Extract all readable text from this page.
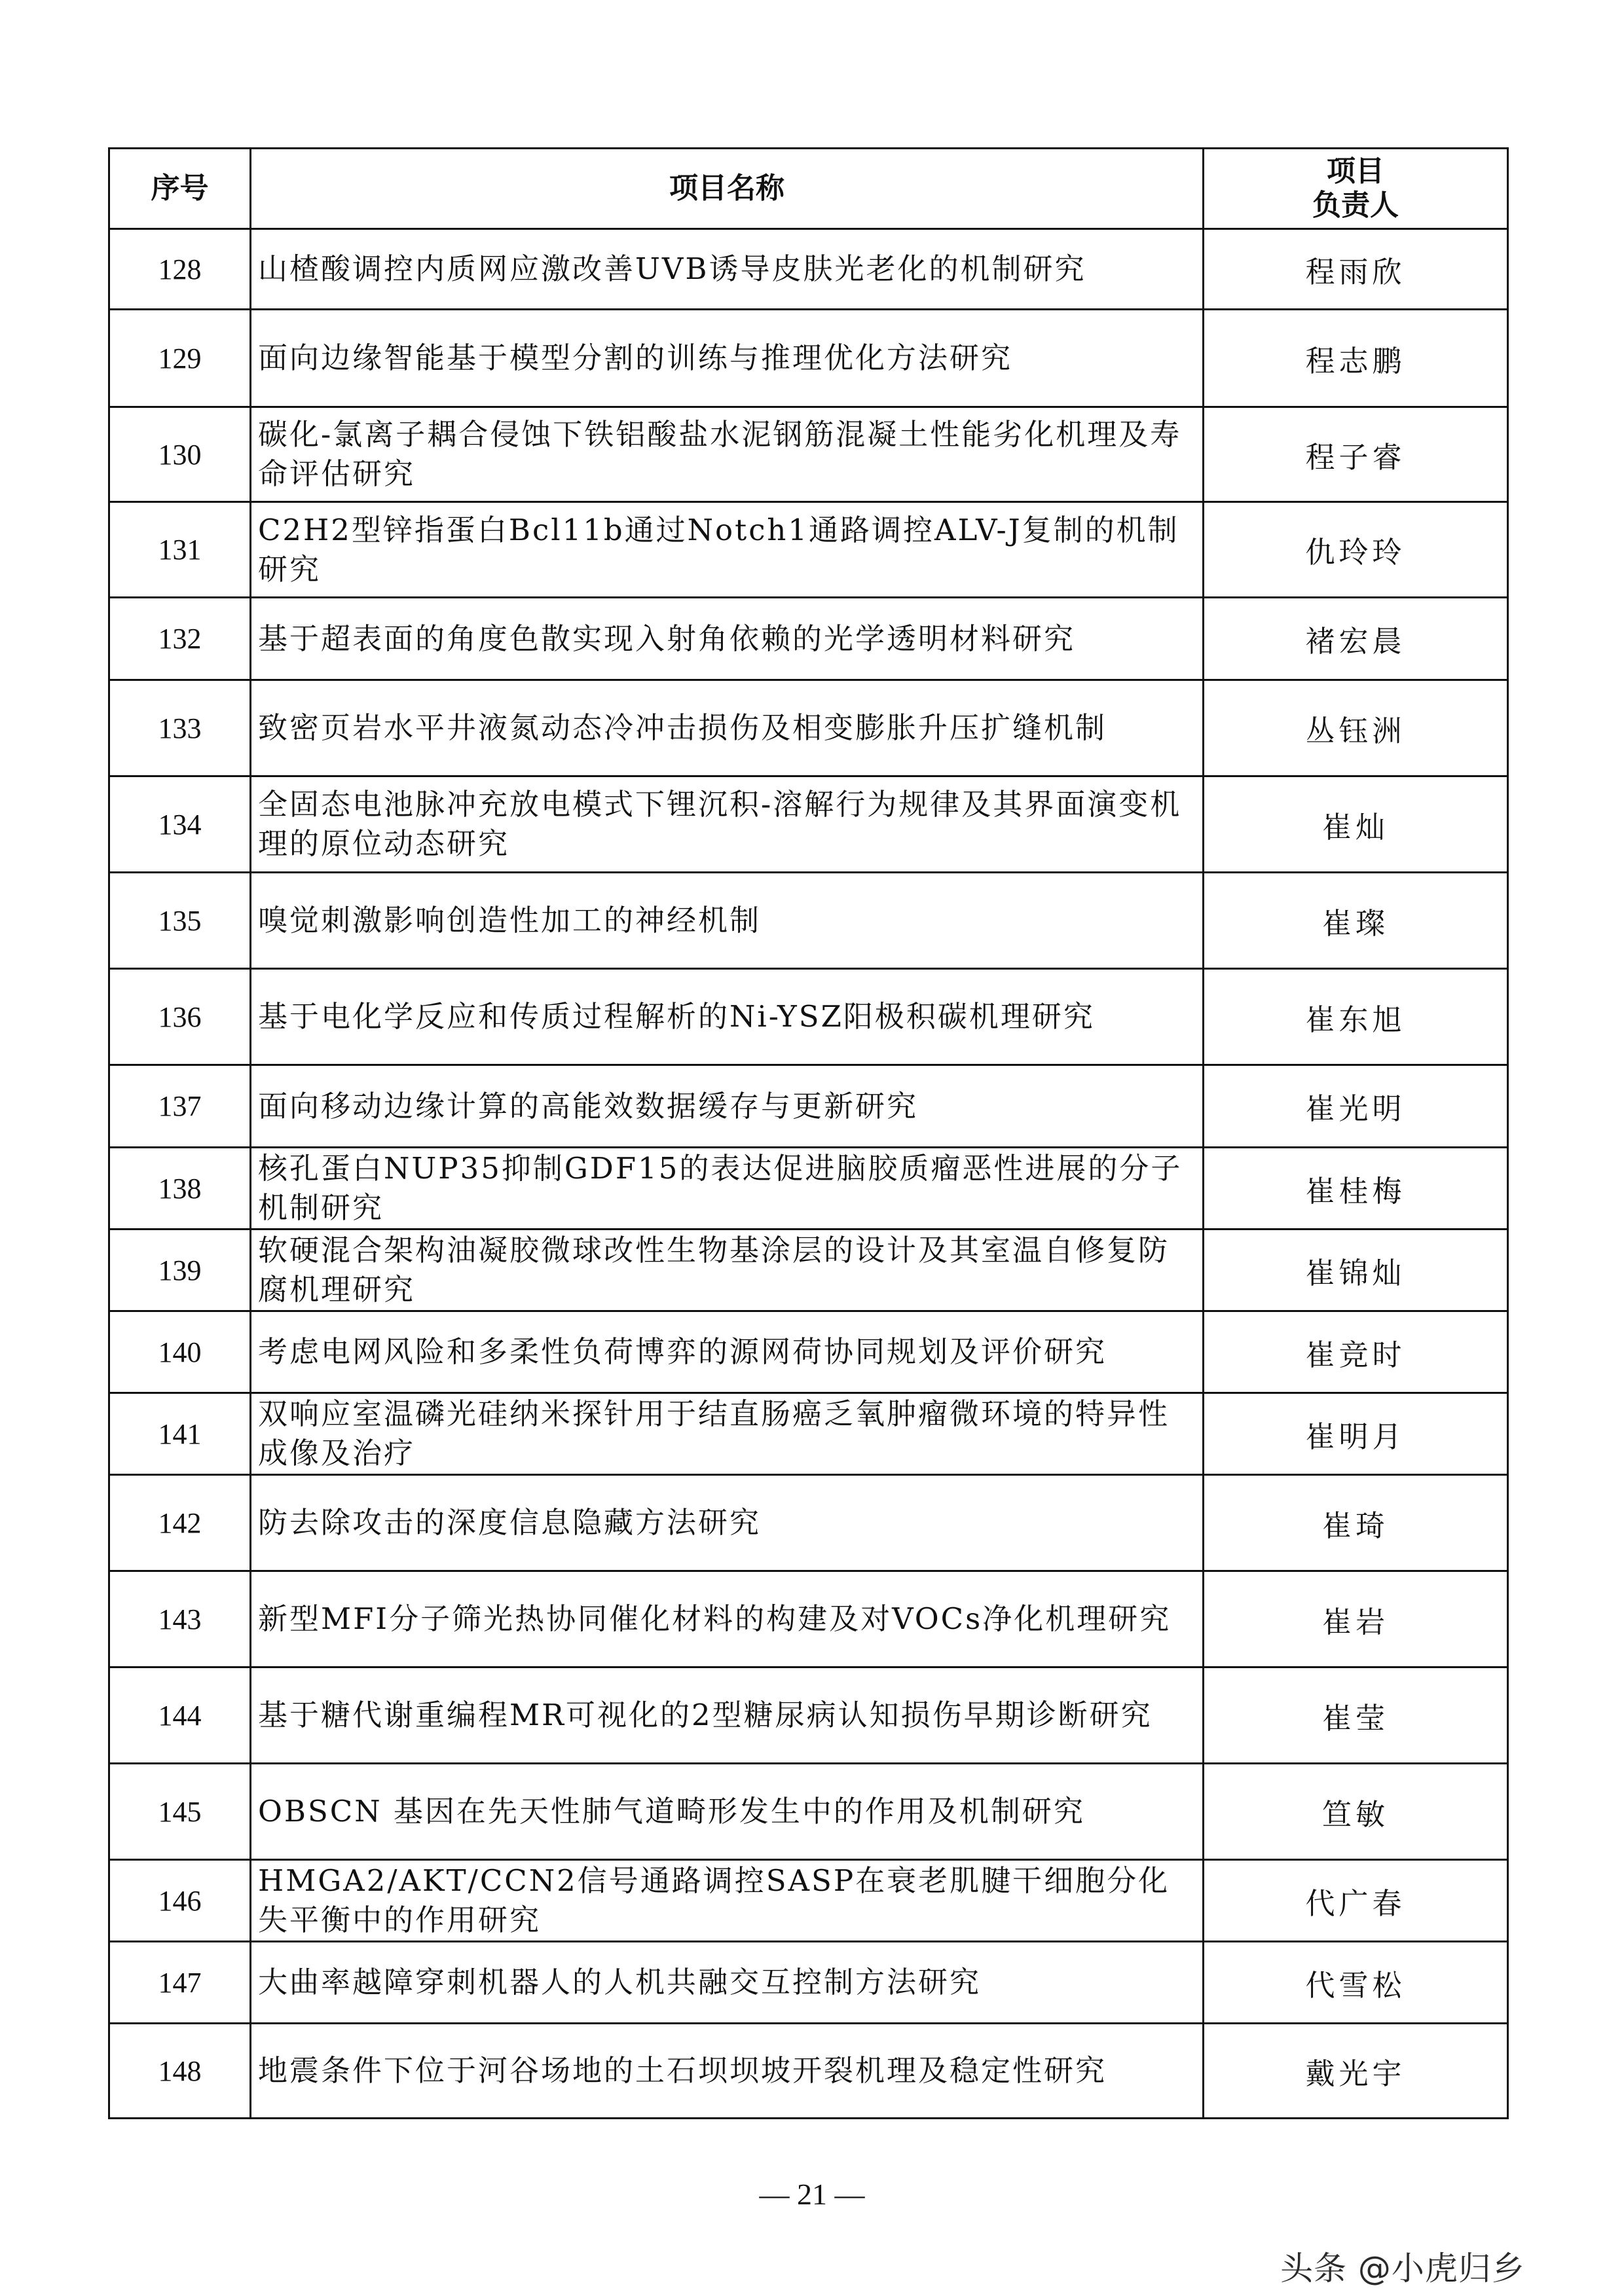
序号	项目名称	项目
负责人

128	山楂酸调控内质网应激改善UVB诱导皮肤光老化的机制研究	程雨欣
129	面向边缘智能基于模型分割的训练与推理优化方法研究	程志鹏
130	碳化-氯离子耦合侵蚀下铁铝酸盐水泥钢筋混凝土性能劣化机理及寿命评估研究	程子睿
131	C2H2型锌指蛋白Bcl11b通过Notch1通路调控ALV-J复制的机制研究	仇玲玲
132	基于超表面的角度色散实现入射角依赖的光学透明材料研究	褚宏晨
133	致密页岩水平井液氮动态冷冲击损伤及相变膨胀升压扩缝机制	丛钰洲
134	全固态电池脉冲充放电模式下锂沉积-溶解行为规律及其界面演变机理的原位动态研究	崔灿
135	嗅觉刺激影响创造性加工的神经机制	崔璨
136	基于电化学反应和传质过程解析的Ni-YSZ阳极积碳机理研究	崔东旭
137	面向移动边缘计算的高能效数据缓存与更新研究	崔光明
138	核孔蛋白NUP35抑制GDF15的表达促进脑胶质瘤恶性进展的分子机制研究	崔桂梅
139	软硬混合架构油凝胶微球改性生物基涂层的设计及其室温自修复防腐机理研究	崔锦灿
140	考虑电网风险和多柔性负荷博弈的源网荷协同规划及评价研究	崔竞时
141	双响应室温磷光硅纳米探针用于结直肠癌乏氧肿瘤微环境的特异性成像及治疗	崔明月
142	防去除攻击的深度信息隐藏方法研究	崔琦
143	新型MFI分子筛光热协同催化材料的构建及对VOCs净化机理研究	崔岩
144	基于糖代谢重编程MR可视化的2型糖尿病认知损伤早期诊断研究	崔莹
145	OBSCN 基因在先天性肺气道畸形发生中的作用及机制研究	笪敏
146	HMGA2/AKT/CCN2信号通路调控SASP在衰老肌腱干细胞分化失平衡中的作用研究	代广春
147	大曲率越障穿刺机器人的人机共融交互控制方法研究	代雪松
148	地震条件下位于河谷场地的土石坝坝坡开裂机理及稳定性研究	戴光宇
— 21 —
头条 @小虎归乡
